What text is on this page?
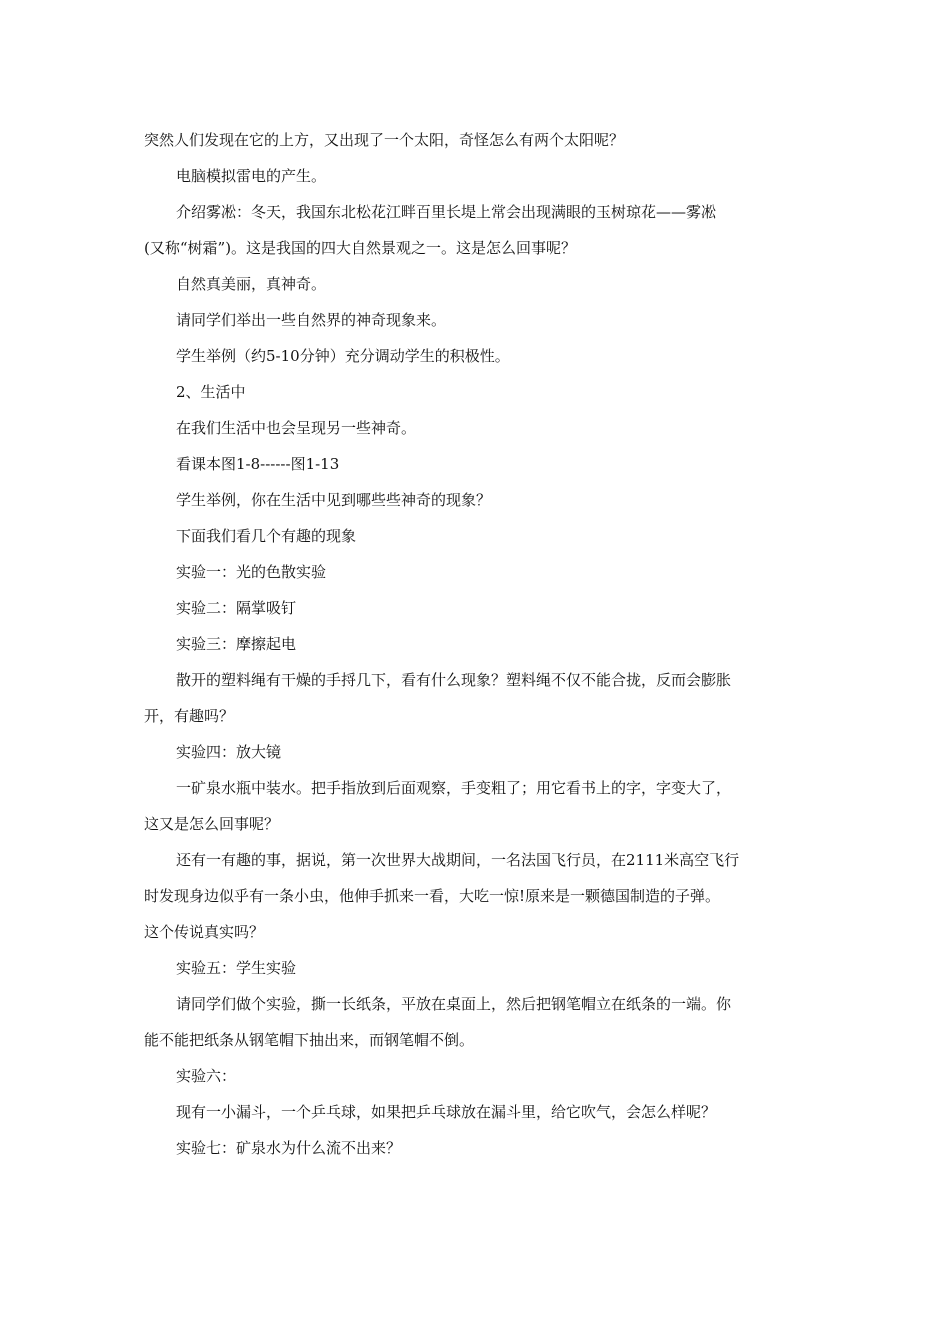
突然人们发现在它的上方，又出现了一个太阳，奇怪怎么有两个太阳呢？
电脑模拟雷电的产生。
介绍雾凇：冬天，我国东北松花江畔百里长堤上常会出现满眼的玉树琼花——雾凇
(又称“树霜”)。这是我国的四大自然景观之一。这是怎么回事呢？
自然真美丽，真神奇。
请同学们举出一些自然界的神奇现象来。
学生举例（约5-10分钟）充分调动学生的积极性。
2、生活中
在我们生活中也会呈现另一些神奇。
看课本图1-8------图1-13
学生举例，你在生活中见到哪些些神奇的现象？
下面我们看几个有趣的现象
实验一：光的色散实验
实验二：隔掌吸钉
实验三：摩擦起电
散开的塑料绳有干燥的手捋几下，看有什么现象？塑料绳不仅不能合拢，反而会膨胀
开，有趣吗？
实验四：放大镜
一矿泉水瓶中装水。把手指放到后面观察，手变粗了；用它看书上的字，字变大了，
这又是怎么回事呢？
还有一有趣的事，据说，第一次世界大战期间，一名法国飞行员，在2111米高空飞行
时发现身边似乎有一条小虫，他伸手抓来一看，大吃一惊!原来是一颗德国制造的子弹。
这个传说真实吗？
实验五：学生实验
请同学们做个实验，撕一长纸条，平放在桌面上，然后把钢笔帽立在纸条的一端。你
能不能把纸条从钢笔帽下抽出来，而钢笔帽不倒。
实验六：
现有一小漏斗，一个乒乓球，如果把乒乓球放在漏斗里，给它吹气，会怎么样呢？
实验七：矿泉水为什么流不出来？
